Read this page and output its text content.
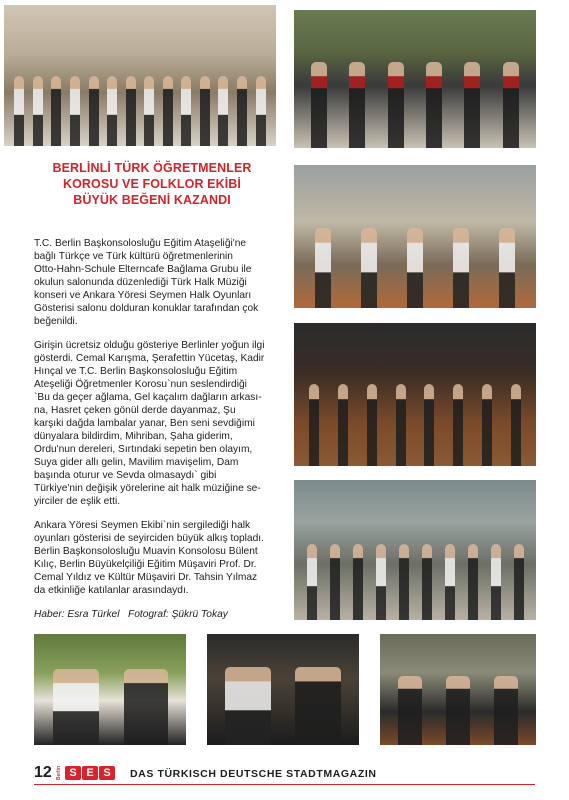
BERLİNLİ TÜRK ÖĞRETMENLER
KOROSU VE FOLKLOR EKİBİ
BÜYÜK BEĞENİ KAZANDI

T.C. Berlin Başkonsolosluğu Eğitim Ataşeliği'ne
bağlı Türkçe ve Türk kültürü öğretmenlerinin
Otto-Hahn-Schule Elterncafe Bağlama Grubu ile
okulun salonunda düzenlediği Türk Halk Müziği
konseri ve Ankara Yöresi Seymen Halk Oyunları
Gösterisi salonu dolduran konuklar tarafından çok
beğenildi.

Girişin ücretsiz olduğu gösteriye Berlinler yoğun ilgi
gösterdi. Cemal Karışma, Şerafettin Yücetaş, Kadir
Hınçal ve T.C. Berlin Başkonsolosluğu Eğitim
Ateşeliği Öğretmenler Korosu`nun seslendirdiği
`Bu da geçer ağlama, Gel kaçalım dağların arkası-
na, Hasret çeken gönül derde dayanmaz, Şu
karşıki dağda lambalar yanar, Ben seni sevdiğimi
dünyalara bildirdim, Mihriban, Şaha giderim,
Ordu'nun dereleri, Sırtındaki sepetin ben olayım,
Suya gider allı gelin, Mavilim mavişelim, Dam
başında oturur ve Sevda olmasaydı` gibi
Türkiye'nin değişik yörelerine ait halk müziğine se-
yirciler de eşlik etti.

Ankara Yöresi Seymen Ekibi`nin sergilediği halk
oyunları gösterisi de seyirciden büyük alkış topladı.
Berlin Başkonsolosluğu Muavin Konsolosu Bülent
Kılıç, Berlin Büyükelçiliği Eğitim Müşaviri Prof. Dr.
Cemal Yıldız ve Kültür Müşaviri Dr. Tahsin Yılmaz
da etkinliğe katılanlar arasındaydı.

Haber: Esra Türkel   Fotograf: Şükrü Tokay
12 Berlin S E S	DAS TÜRKISCH DEUTSCHE STADTMAGAZIN
